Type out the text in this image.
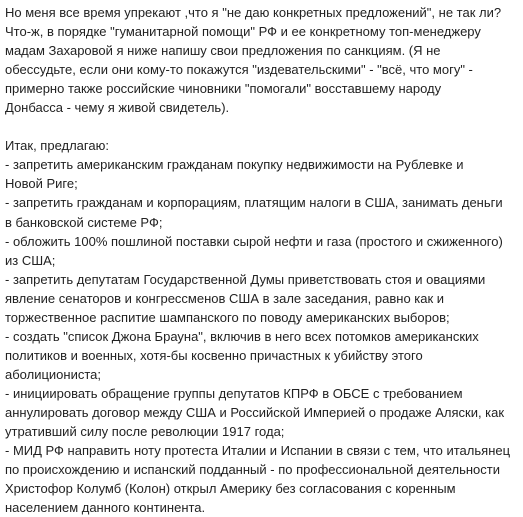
Но меня все время упрекают ,что я "не даю конкретных предложений", не так ли?
Что-ж, в порядке "гуманитарной помощи" РФ и ее конкретному топ-менеджеру
мадам Захаровой я ниже напишу свои предложения по санкциям. (Я не
обессудьте, если они кому-то покажутся "издевательскими" - "всё, что могу" -
примерно также российские чиновники "помогали" восставшему народу
Донбасса - чему я живой свидетель).
Итак, предлагаю:
- запретить американским гражданам покупку недвижимости на Рублевке и
Новой Риге;
- запретить гражданам и корпорациям, платящим налоги в США, занимать деньги
в банковской системе РФ;
- обложить 100% пошлиной поставки сырой нефти и газа (простого и сжиженного)
из США;
- запретить депутатам Государственной Думы приветствовать стоя и овациями
явление сенаторов и конгрессменов США в зале заседания, равно как и
торжественное распитие шампанского по поводу американских выборов;
- создать "список Джона Брауна", включив в него всех потомков американских
политиков и военных, хотя-бы косвенно причастных к убийству этого
аболициониста;
- инициировать обращение группы депутатов КПРФ в ОБСЕ с требованием
аннулировать договор между США и Российской Империей о продаже Аляски, как
утративший силу после революции 1917 года;
- МИД РФ направить ноту протеста Италии и Испании в связи с тем, что итальянец
по происхождению и испанский подданный - по профессиональной деятельности
Христофор Колумб (Колон) открыл Америку без согласования с коренным
населением данного континента.
